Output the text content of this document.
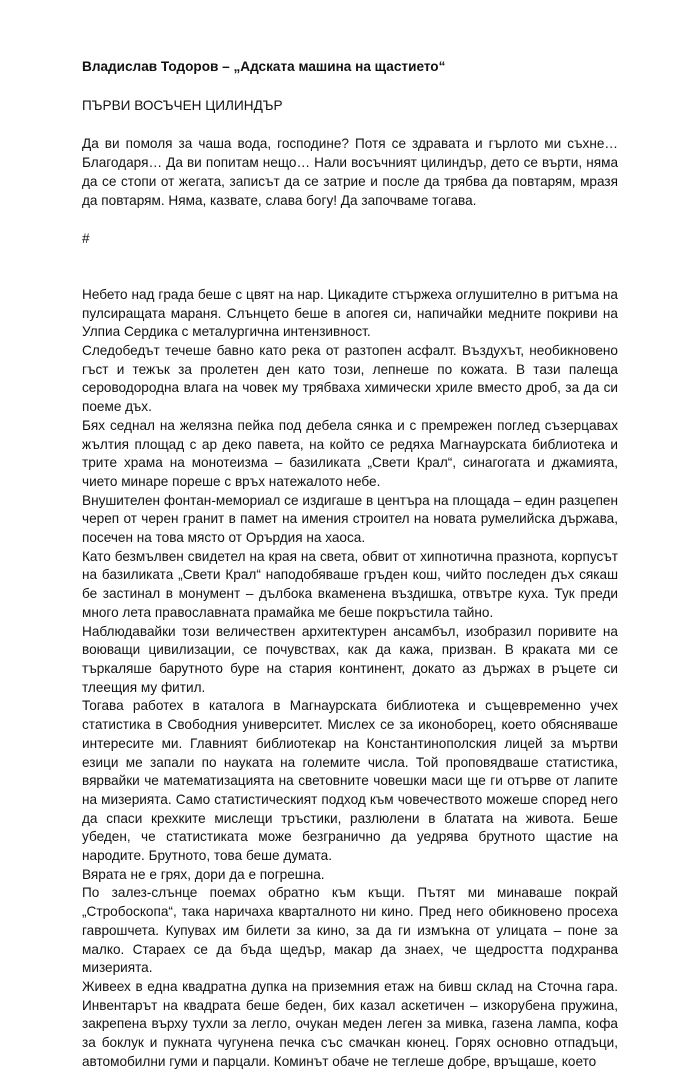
Владислав Тодоров – „Адската машина на щастието“
ПЪРВИ ВОСЪЧЕН ЦИЛИНДЪР

Да ви помоля за чаша вода, господине? Потя се здравата и гърлото ми съхне… Благодаря… Да ви попитам нещо… Нали восъчният цилиндър, дето се върти, няма да се стопи от жегата, записът да се затрие и после да трябва да повтарям, мразя да повтарям. Няма, казвате, слава богу! Да започваме тогава.

#

Небето над града беше с цвят на нар. Цикадите стържеха оглушително в ритъма на пулсиращата мараня. Слънцето беше в апогея си, напичайки медните покриви на Улпиа Сердика с металургична интензивност.

Следобедът течеше бавно като река от разтопен асфалт. Въздухът, необикновено гъст и тежък за пролетен ден като този, лепнеше по кожата. В тази палеща сероводородна влага на човек му трябваха химически хриле вместо дроб, за да си поеме дъх.

Бях седнал на желязна пейка под дебела сянка и с премрежен поглед съзерцавах жълтия площад с ар деко павета, на който се редяха Магнаурската библиотека и трите храма на монотеизма – базиликата „Свети Крал“, синагогата и джамията, чието минаре пореше с връх натежалото небе.

Внушителен фонтан-мемориал се издигаше в центъра на площада – един разцепен череп от черен гранит в памет на имения строител на новата румелийска държава, посечен на това място от Орърдия на хаоса.

Като безмълвен свидетел на края на света, обвит от хипнотична празнота, корпусът на базиликата „Свети Крал“ наподобяваше гръден кош, чийто последен дъх сякаш бе застинал в монумент – дълбока вкаменена въздишка, отвътре куха. Тук преди много лета православната прамайка ме беше покръстила тайно.

Наблюдавайки този величествен архитектурен ансамбъл, изобразил поривите на воюващи цивилизации, се почувствах, как да кажа, призван. В краката ми се търкаляше барутното буре на стария континент, докато аз държах в ръцете си тлеещия му фитил.

Тогава работех в каталога в Магнаурската библиотека и същевременно учех статистика в Свободния университет. Мислех се за иконоборец, което обясняваше интересите ми. Главният библиотекар на Константинополския лицей за мъртви езици ме запали по науката на големите числа. Той проповядваше статистика, вярвайки че математизацията на световните човешки маси ще ги отърве от лапите на мизерията. Само статистическият подход към човечеството можеше според него да спаси крехките мислещи тръстики, разлюлени в блатата на живота. Беше убеден, че статистиката може безгранично да уедрява брутното щастие на народите. Брутното, това беше думата.

Вярата не е грях, дори да е погрешна.

По залез-слънце поемах обратно към къщи. Пътят ми минаваше покрай „Стробоскопа“, така наричаха кварталното ни кино. Пред него обикновено просеха гаврошчета. Купувах им билети за кино, за да ги измъкна от улицата – поне за малко. Стараех се да бъда щедър, макар да знаех, че щедростта подхранва мизерията.

Живеех в една квадратна дупка на приземния етаж на бивш склад на Сточна гара. Инвентарът на квадрата беше беден, бих казал аскетичен – изкорубена пружина, закрепена върху тухли за легло, очукан меден леген за мивка, газена лампа, кофа за боклук и пукната чугунена печка със смачкан кюнец. Горях основно отпадъци, автомобилни гуми и парцали. Коминът обаче не теглеше добре, връщаше, което
